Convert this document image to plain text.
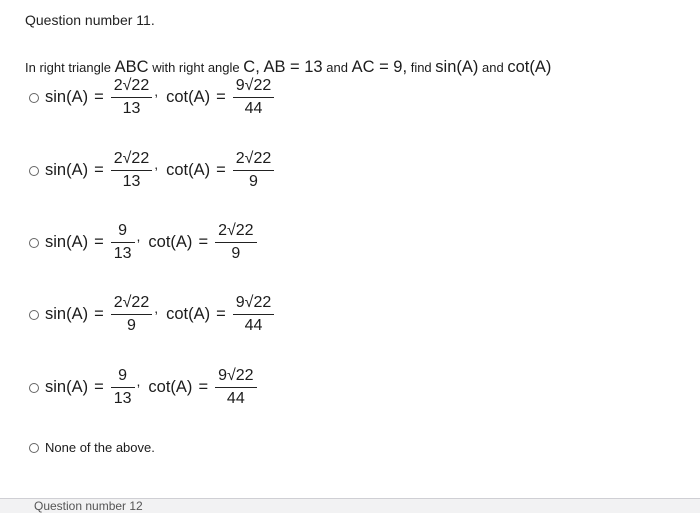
Question number 11.
In right triangle ABC with right angle C, AB = 13 and AC = 9, find sin(A) and cot(A)
$\sin(A) = \frac{2√22}{13}$ , $\cot(A) = \frac{9√22}{44}$
$\sin(A) = \frac{2√22}{13}$ , $\cot(A) = \frac{2√22}{9}$
$\sin(A) = \frac{9}{13}$ , $\cot(A) = \frac{2√22}{9}$
$\sin(A) = \frac{2√22}{9}$ , $\cot(A) = \frac{9√22}{44}$
$\sin(A) = \frac{9}{13}$ , $\cot(A) = \frac{9√22}{44}$
None of the above.
Question number 12
